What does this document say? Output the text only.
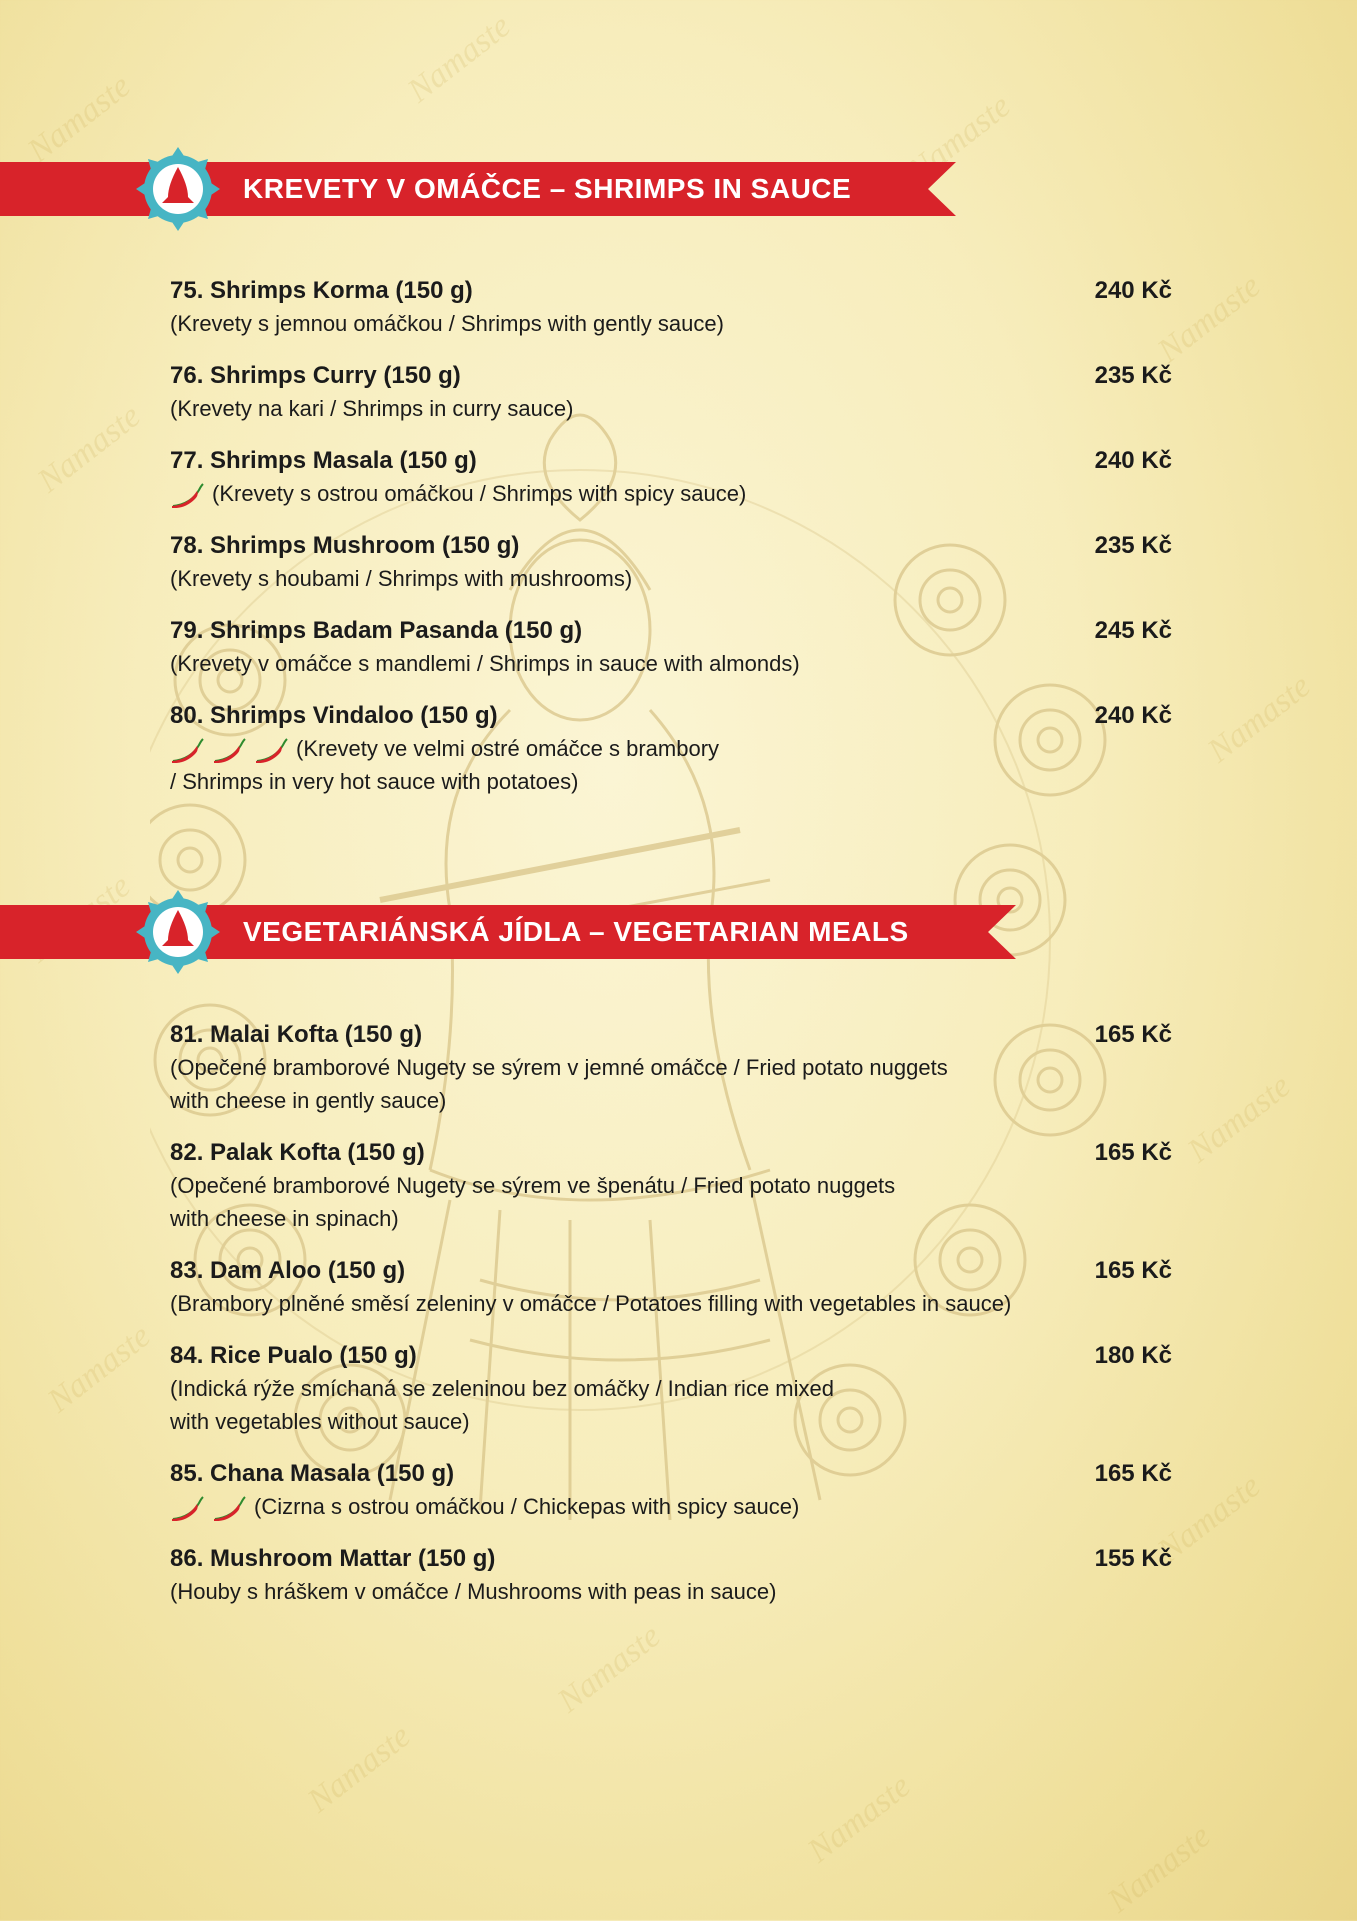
Namaste
Namaste
Namaste
Namaste
Namaste
Namaste
Namaste
Namaste
Namaste
Namaste	Namaste	Namaste
Namaste
KREVETY V OMÁČCE – SHRIMPS IN SAUCE
VEGETARIÁNSKÁ JÍDLA – VEGETARIAN MEALS
75. Shrimps Korma (150 g)	240 Kč
(Krevety s jemnou omáčkou / Shrimps with gently sauce)
76. Shrimps Curry (150 g)	235 Kč
(Krevety na kari / Shrimps in curry sauce)
77. Shrimps Masala (150 g)	240 Kč
(Krevety s ostrou omáčkou / Shrimps with spicy sauce)
78. Shrimps Mushroom (150 g)	235 Kč
(Krevety s houbami / Shrimps with mushrooms)
79. Shrimps Badam Pasanda (150 g)	245 Kč
(Krevety v omáčce s mandlemi / Shrimps in sauce with almonds)
80. Shrimps Vindaloo (150 g)	240 Kč
(Krevety ve velmi ostré omáčce s brambory
/ Shrimps in very hot sauce with potatoes)
81. Malai Kofta (150 g)	165 Kč
(Opečené bramborové Nugety se sýrem v jemné omáčce / Fried potato nuggets
with cheese in gently sauce)
82. Palak Kofta (150 g)	165 Kč
(Opečené bramborové Nugety se sýrem ve špenátu / Fried potato nuggets
with cheese in spinach)
83. Dam Aloo (150 g)	165 Kč
(Brambory plněné směsí zeleniny v omáčce / Potatoes filling with vegetables in sauce)
84. Rice Pualo (150 g)	180 Kč
(Indická rýže smíchaná se zeleninou bez omáčky / Indian rice mixed
with vegetables without sauce)
85. Chana Masala (150 g)	165 Kč
(Cizrna s ostrou omáčkou / Chickepas with spicy sauce)
86. Mushroom Mattar (150 g)	155 Kč
(Houby s hráškem v omáčce / Mushrooms with peas in sauce)
